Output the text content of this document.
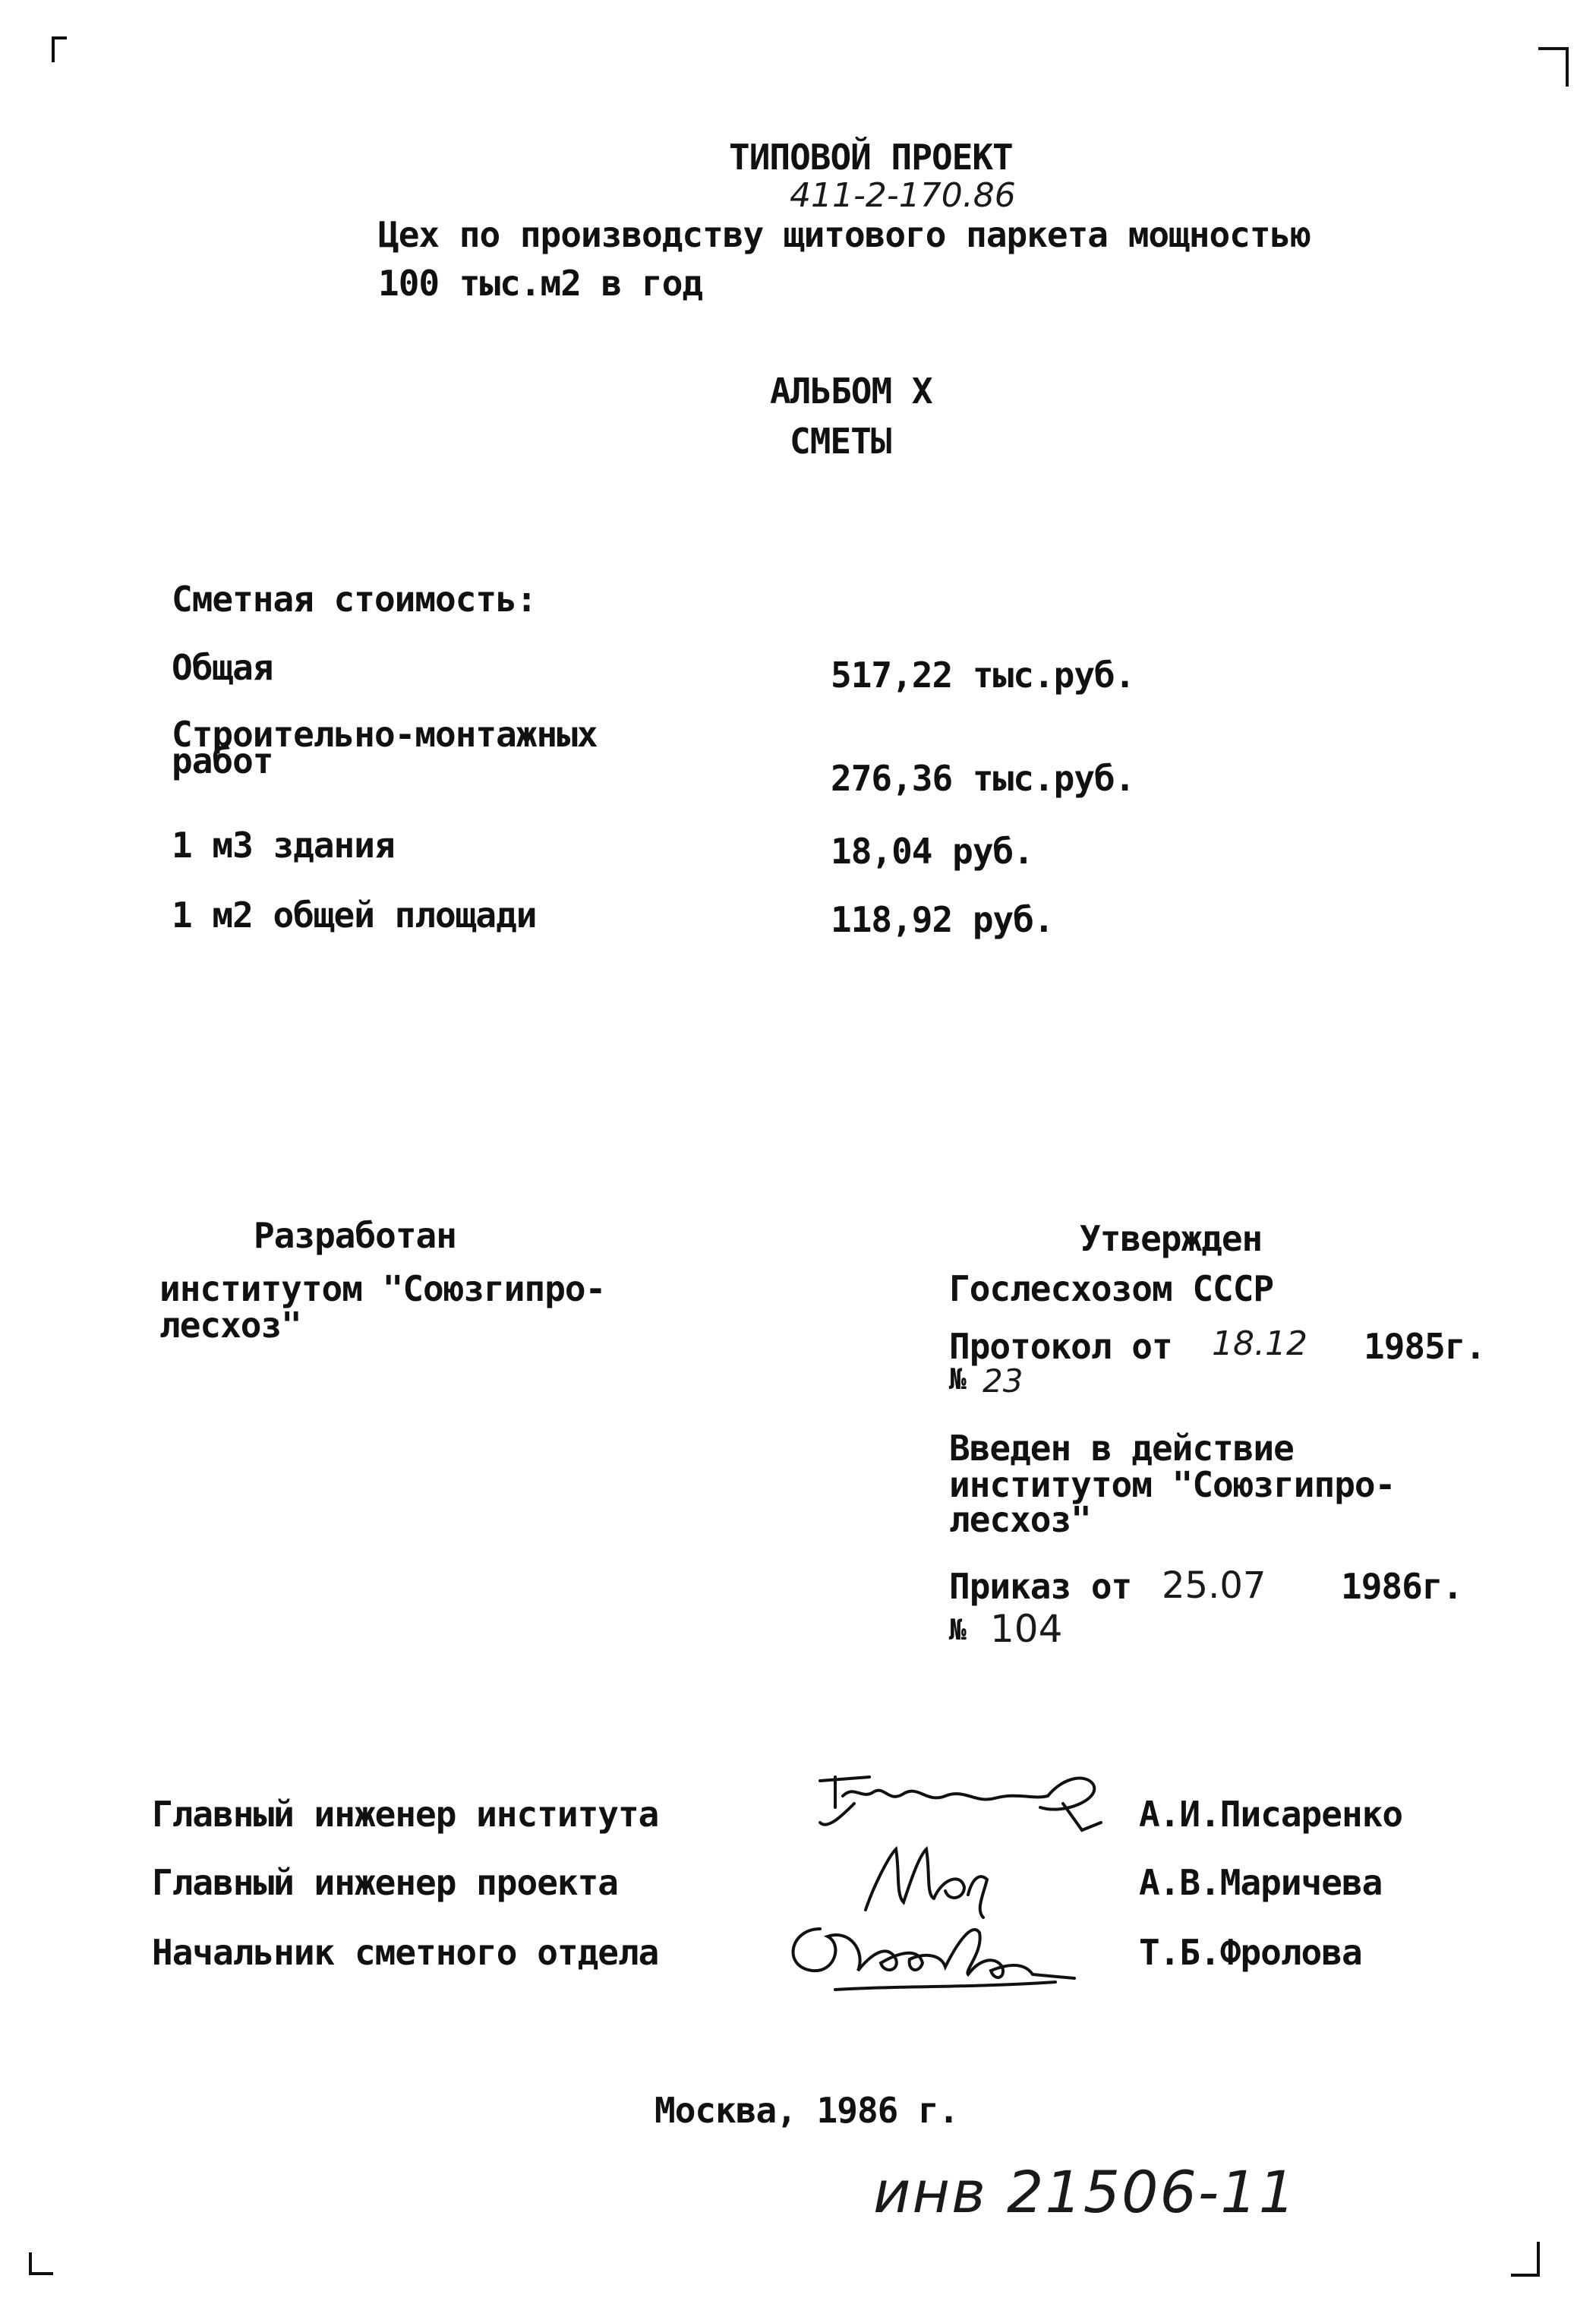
ТИПОВОЙ ПРОЕКТ
411-2-170.86
Цех по производству щитового паркета мощностью
100 тыс.м2 в год
АЛЬБОМ X
СМЕТЫ
Сметная стоимость:
Общая	517,22 тыс.руб.
Строительно-монтажных
работ	276,36 тыс.руб.
1 м3 здания	18,04 руб.
1 м2 общей площади	118,92 руб.
Разработан
институтом "Союзгипро-
лесхоз"
Утвержден
Гослесхозом СССР
Протокол от 18.12 1985г.
№ 23
Введен в действие
институтом "Союзгипро-
лесхоз"
Приказ от 25.07 1986г.
№ 104
Главный инженер института	А.И.Писаренко
Главный инженер проекта	А.В.Маричева
Начальник сметного отдела	Т.Б.Фролова
Москва, 1986 г.
инв 21506-11
